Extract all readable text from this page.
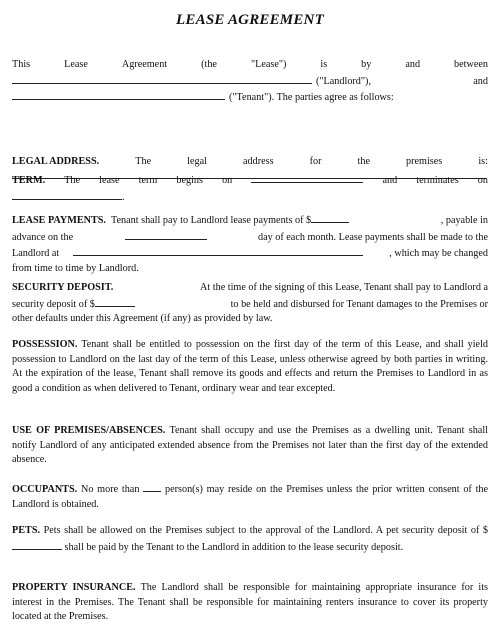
LEASE AGREEMENT
This	Lease	Agreement	(the	"Lease")	is	by	and	between
("Landlord"),	and
("Tenant"). The parties agree as follows:
LEGAL ADDRESS.	The	legal	address	for	the	premises	is:
TERM. The lease term begins on	and terminates on
.
LEASE PAYMENTS. Tenant shall pay to Landlord lease payments of $	, payable in
advance on the	day of each month. Lease payments shall be made to the
Landlord at	, which may be changed
from time to time by Landlord.
SECURITY DEPOSIT.	At the time of the signing of this Lease, Tenant shall pay to Landlord a
security deposit of $	to be held and disbursed for Tenant damages to the Premises or
other defaults under this Agreement (if any) as provided by law.

POSSESSION. Tenant shall be entitled to possession on the first day of the term of this Lease, and shall yield possession to Landlord on the last day of the term of this Lease, unless otherwise agreed by both parties in writing. At the expiration of the lease, Tenant shall remove its goods and effects and return the Premises to Landlord in as good a condition as when delivered to Tenant, ordinary wear and tear excepted.

USE OF PREMISES/ABSENCES. Tenant shall occupy and use the Premises as a dwelling unit. Tenant shall notify Landlord of any anticipated extended absence from the Premises not later than the first day of the extended absence.

OCCUPANTS. No more than	person(s) may reside on the Premises unless the prior written consent of the Landlord is obtained.

PETS. Pets shall be allowed on the Premises subject to the approval of the Landlord. A pet security deposit of $ shall be paid by the Tenant to the Landlord in addition to the lease security deposit.

PROPERTY INSURANCE. The Landlord shall be responsible for maintaining appropriate insurance for its interest in the Premises. The Tenant shall be responsible for maintaining renters insurance to cover its property located at the Premises.
